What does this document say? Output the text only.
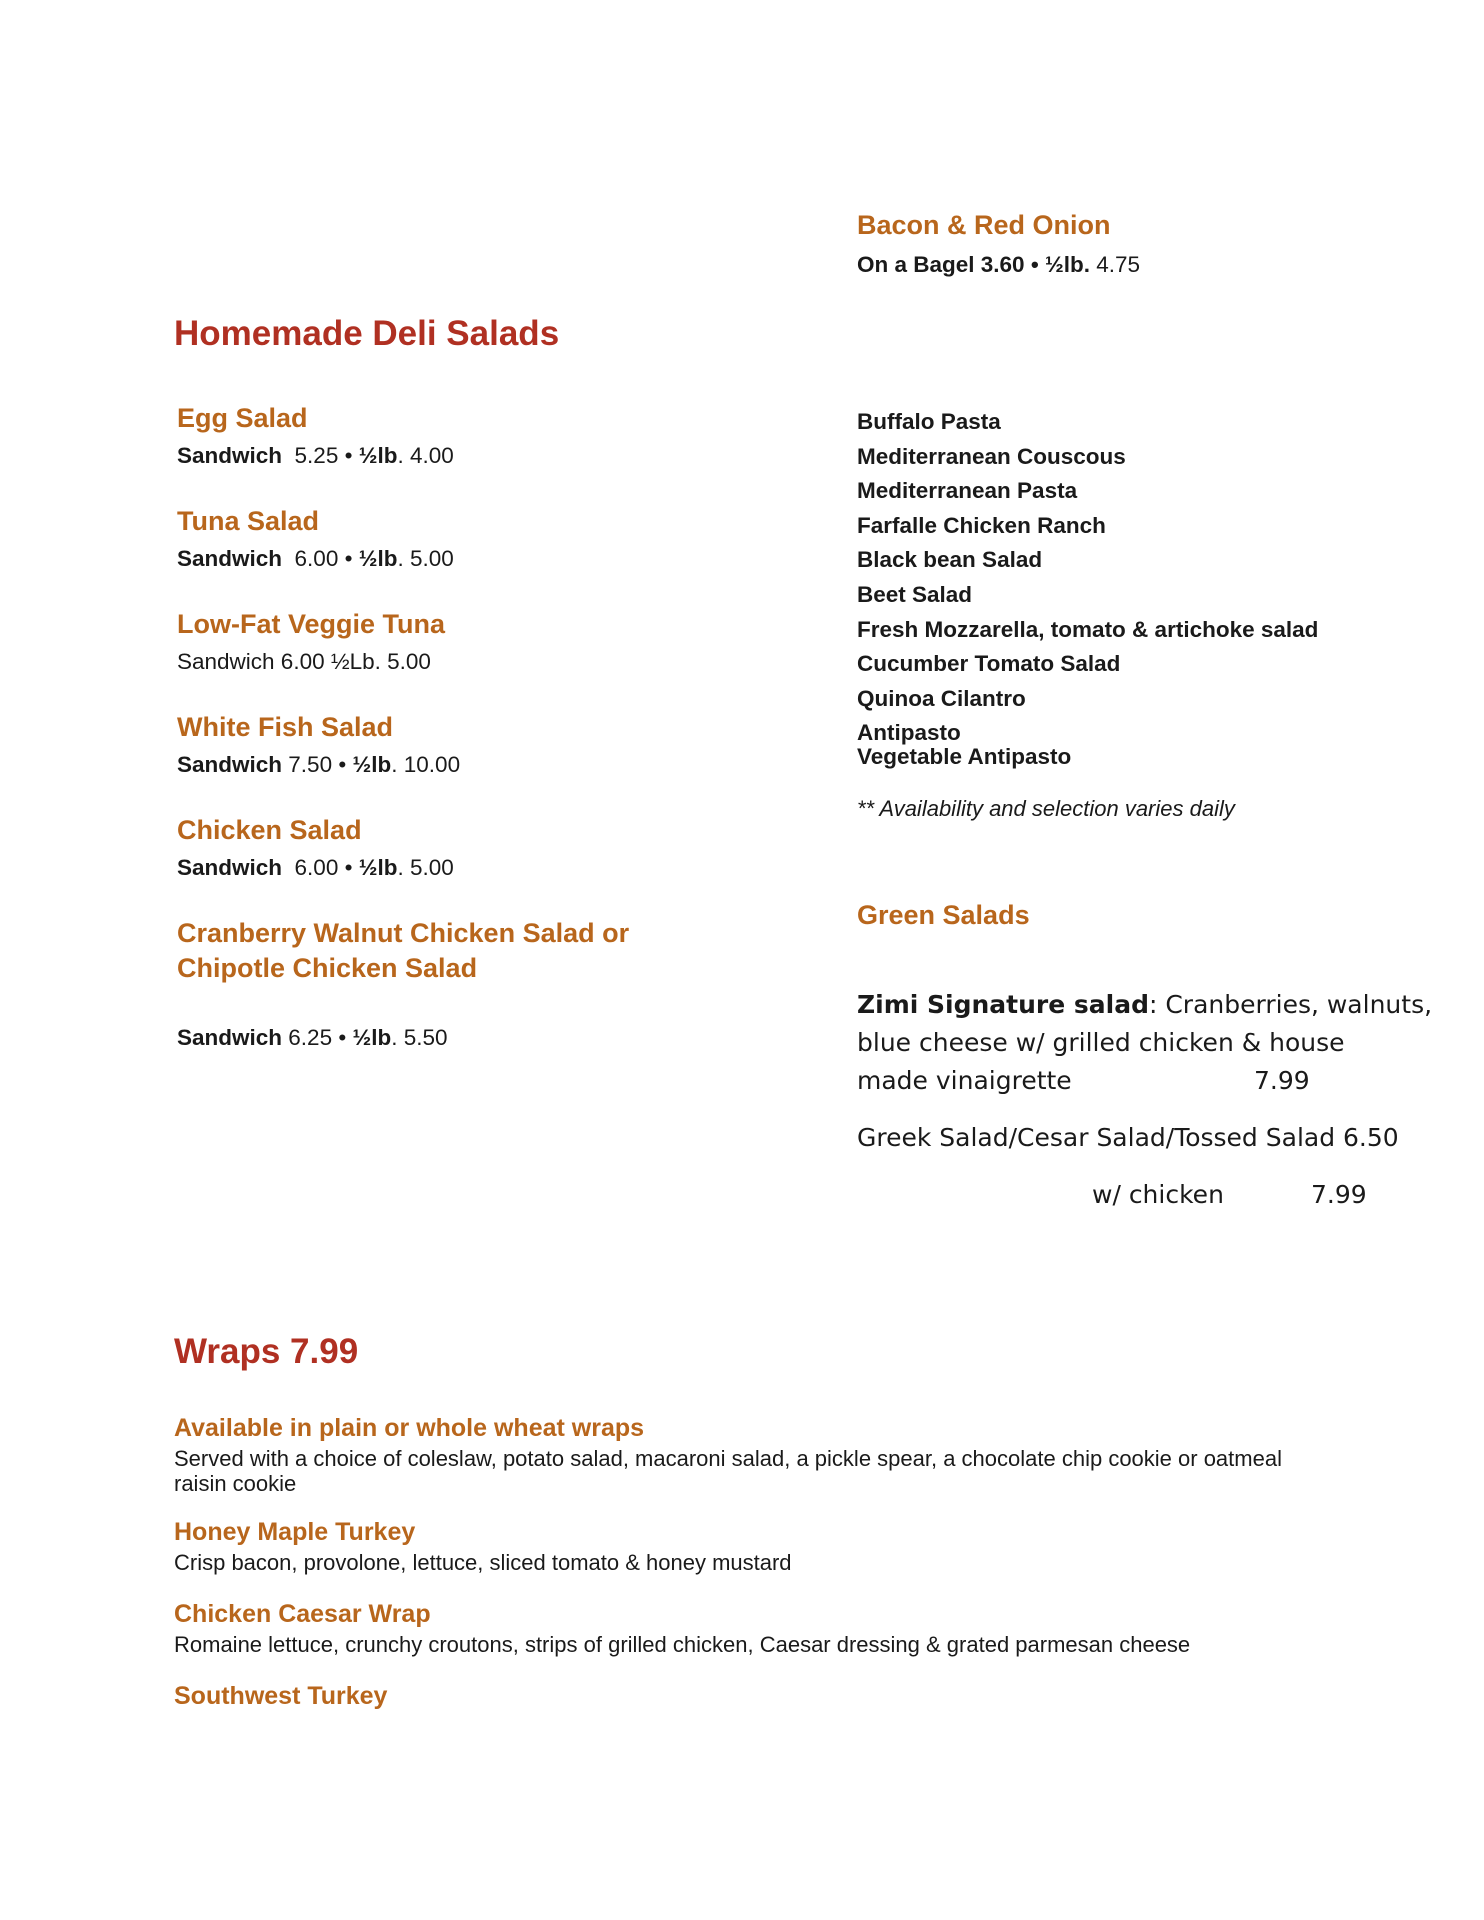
Bacon & Red Onion
On a Bagel 3.60 • ½lb. 4.75
Homemade Deli Salads
Egg Salad
Sandwich 5.25 • ½lb. 4.00
Tuna Salad
Sandwich 6.00 • ½lb. 5.00
Low-Fat Veggie Tuna
Sandwich 6.00 ½Lb. 5.00
White Fish Salad
Sandwich 7.50 • ½lb. 10.00
Chicken Salad
Sandwich 6.00 • ½lb. 5.00
Cranberry Walnut Chicken Salad or
Chipotle Chicken Salad
Sandwich 6.25 • ½lb. 5.50
Buffalo Pasta
Mediterranean Couscous
Mediterranean Pasta
Farfalle Chicken Ranch
Black bean Salad
Beet Salad
Fresh Mozzarella, tomato & artichoke salad
Cucumber Tomato Salad
Quinoa Cilantro
Antipasto
Vegetable Antipasto
** Availability and selection varies daily
Green Salads
Zimi Signature salad: Cranberries, walnuts,
blue cheese w/ grilled chicken & house
made vinaigrette	7.99
Greek Salad/Cesar Salad/Tossed Salad 6.50
w/ chicken	7.99
Wraps 7.99
Available in plain or whole wheat wraps
Served with a choice of coleslaw, potato salad, macaroni salad, a pickle spear, a chocolate chip cookie or oatmeal
raisin cookie
Honey Maple Turkey
Crisp bacon, provolone, lettuce, sliced tomato & honey mustard
Chicken Caesar Wrap
Romaine lettuce, crunchy croutons, strips of grilled chicken, Caesar dressing & grated parmesan cheese
Southwest Turkey
